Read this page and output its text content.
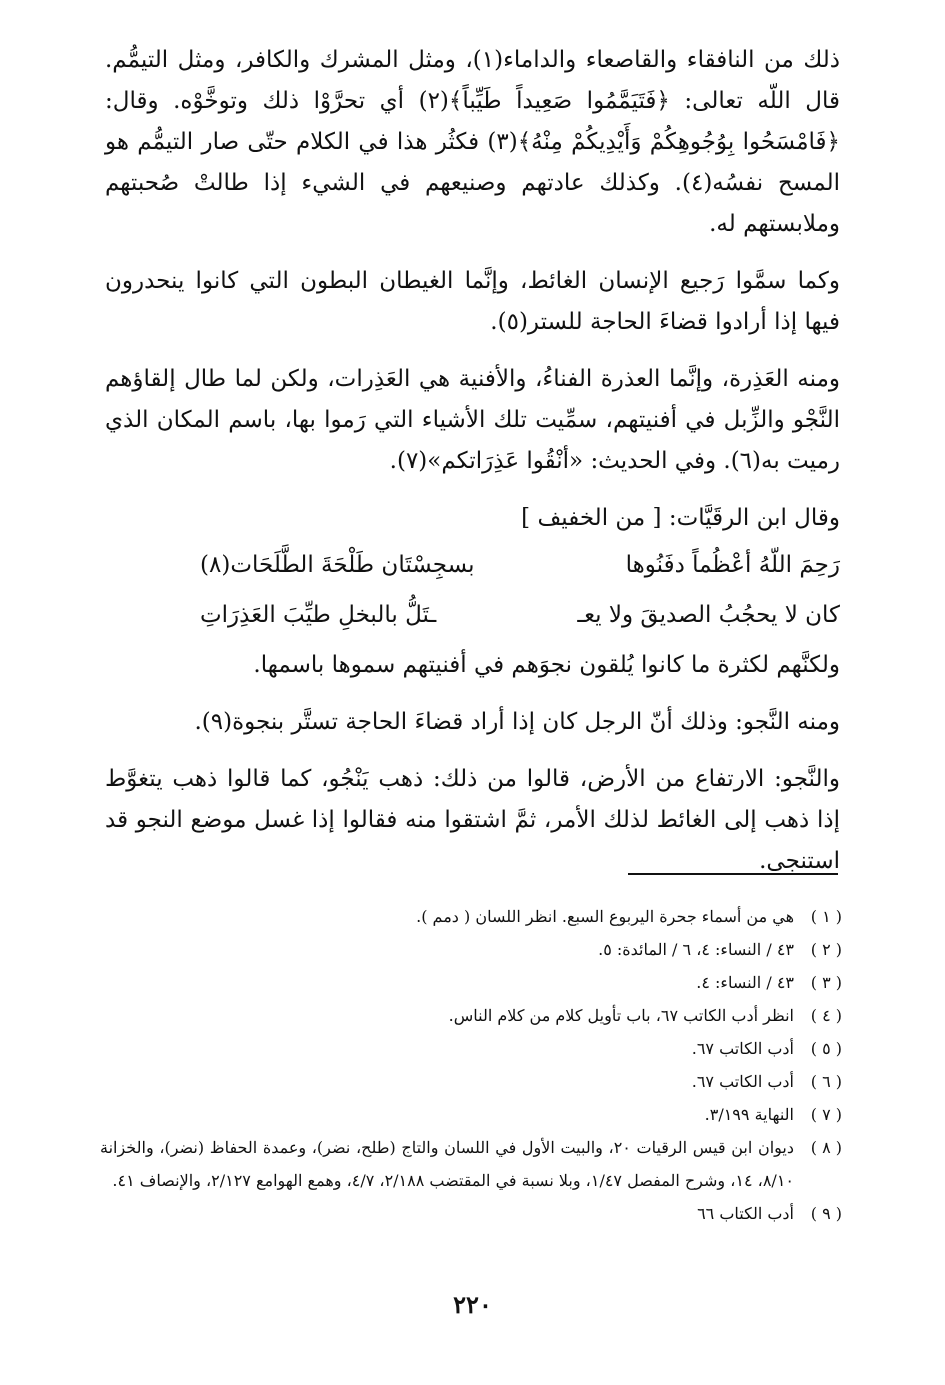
ذلك من النافقاء والقاصعاء والداماء(١)، ومثل المشرك والكافر، ومثل التيمُّم. قال اللّه تعالى: ﴿فَتَيَمَّمُوا صَعِيداً طَيِّباً﴾(٢) أي تحرَّوْا ذلك وتوخَّوْه. وقال: ﴿فَامْسَحُوا بِوُجُوهِكُمْ وَأَيْدِيكُمْ مِنْهُ﴾(٣) فكثُر هذا في الكلام حتّى صار التيمُّم هو المسح نفسُه(٤). وكذلك عادتهم وصنيعهم في الشيء إذا طالتْ صُحبتهم وملابستهم له.

وكما سمَّوا رَجيع الإنسان الغائط، وإنَّما الغيطان البطون التي كانوا ينحدرون فيها إذا أرادوا قضاءَ الحاجة للستر(٥).

ومنه العَذِرة، وإنَّما العذرة الفناءُ، والأفنية هي العَذِرات، ولكن لما طال إلقاؤهم النَّجْو والزِّبل في أفنيتهم، سمِّيت تلك الأشياء التي رَموا بها، باسم المكان الذي رميت به(٦). وفي الحديث: «أنْقُوا عَذِرَاتكم»(٧).

وقال ابن الرقَيَّات: [ من الخفيف ]

رَحِمَ اللّهُ أعْظُماً دفَنُوها
بسجِسْتَان طَلْحَةَ الطَّلَحَات(٨)
كان لا يحجُبُ الصديقَ ولا يعـ
ـتَلُّ بالبخلِ طيِّبَ العَذِرَاتِ

ولكنَّهم لكثرة ما كانوا يُلقون نجوَهم في أفنيتهم سموها باسمها.

ومنه النَّجو: وذلك أنّ الرجل كان إذا أراد قضاءَ الحاجة تستَّر بنجوة(٩).

والنَّجو: الارتفاع من الأرض، قالوا من ذلك: ذهب يَنْجُو، كما قالوا ذهب يتغوَّط إذا ذهب إلى الغائط لذلك الأمر، ثمَّ اشتقوا منه فقالوا إذا غسل موضع النجو قد استنجى.

( ١ )
هي من أسماء جحرة اليربوع السبع. انظر اللسان ( دمم ).
( ٢ )
٤٣ / النساء: ٤، ٦ / المائدة: ٥.
( ٣ )
٤٣ / النساء: ٤.
( ٤ )
انظر أدب الكاتب ٦٧، باب تأويل كلام من كلام الناس.
( ٥ )
أدب الكاتب ٦٧.
( ٦ )
أدب الكاتب ٦٧.
( ٧ )
النهاية ٣/١٩٩.
( ٨ )
ديوان ابن قيس الرقيات ٢٠، والبيت الأول في اللسان والتاج (طلح، نضر)، وعمدة الحفاظ (نضر)، والخزانة ٨/١٠، ١٤، وشرح المفصل ١/٤٧، وبلا نسبة في المقتضب ٢/١٨٨، ٤/٧، وهمع الهوامع ٢/١٢٧، والإنصاف ٤١.
( ٩ )
أدب الكتاب ٦٦
٢٢٠
